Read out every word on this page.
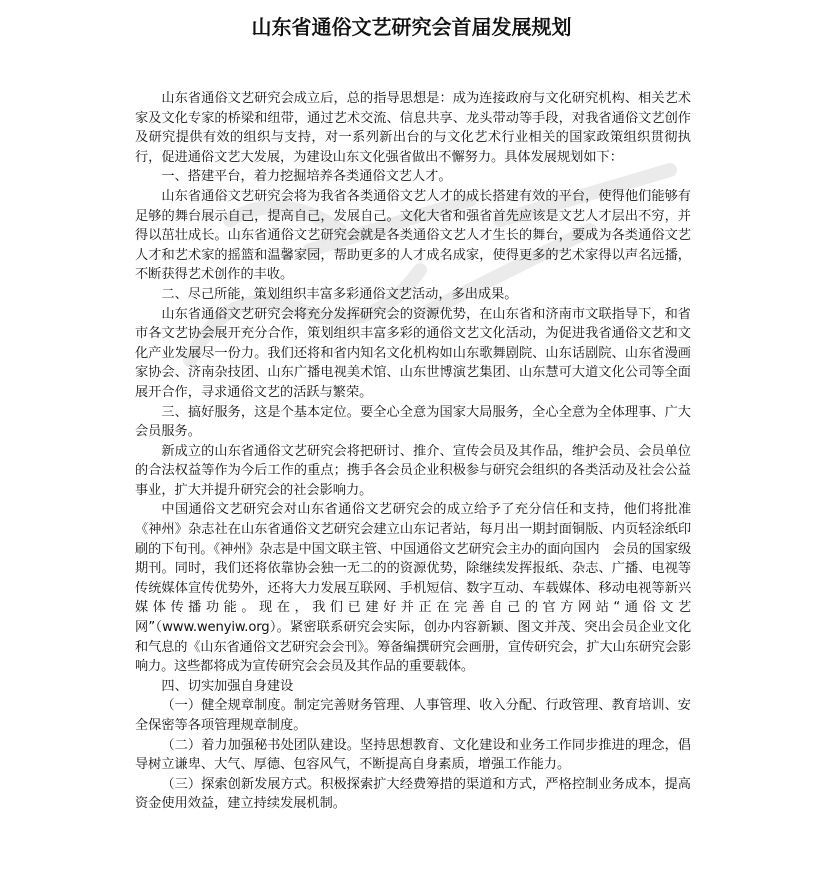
山东省通俗文艺研究会首届发展规划

山东省通俗文艺研究会成立后，总的指导思想是：成为连接政府与文化研究机构、相关艺术家及文化专家的桥梁和纽带，通过艺术交流、信息共享、龙头带动等手段，对我省通俗文艺创作及研究提供有效的组织与支持，对一系列新出台的与文化艺术行业相关的国家政策组织贯彻执行，促进通俗文艺大发展，为建设山东文化强省做出不懈努力。具体发展规划如下：

一、搭建平台，着力挖掘培养各类通俗文艺人才。

山东省通俗文艺研究会将为我省各类通俗文艺人才的成长搭建有效的平台，使得他们能够有足够的舞台展示自己，提高自己，发展自己。文化大省和强省首先应该是文艺人才层出不穷，并得以茁壮成长。山东省通俗文艺研究会就是各类通俗文艺人才生长的舞台，要成为各类通俗文艺人才和艺术家的摇篮和温馨家园，帮助更多的人才成名成家，使得更多的艺术家得以声名远播，不断获得艺术创作的丰收。

二、尽己所能，策划组织丰富多彩通俗文艺活动，多出成果。

山东省通俗文艺研究会将充分发挥研究会的资源优势，在山东省和济南市文联指导下，和省市各文艺协会展开充分合作，策划组织丰富多彩的通俗文艺文化活动，为促进我省通俗文艺和文化产业发展尽一份力。我们还将和省内知名文化机构如山东歌舞剧院、山东话剧院、山东省漫画家协会、济南杂技团、山东广播电视美术馆、山东世博演艺集团、山东慧可大道文化公司等全面展开合作，寻求通俗文艺的活跃与繁荣。

三、搞好服务，这是个基本定位。要全心全意为国家大局服务，全心全意为全体理事、广大会员服务。

新成立的山东省通俗文艺研究会将把研讨、推介、宣传会员及其作品，维护会员、会员单位的合法权益等作为今后工作的重点；携手各会员企业积极参与研究会组织的各类活动及社会公益事业，扩大并提升研究会的社会影响力。

中国通俗文艺研究会对山东省通俗文艺研究会的成立给予了充分信任和支持，他们将批准《神州》杂志社在山东省通俗文艺研究会建立山东记者站，每月出一期封面铜版、内页轻涂纸印刷的下旬刊。《神州》杂志是中国文联主管、中国通俗文艺研究会主办的面向国内　会员的国家级期刊。同时，我们还将依靠协会独一无二的的资源优势，除继续发挥报纸、杂志、广播、电视等传统媒体宣传优势外，还将大力发展互联网、手机短信、数字互动、车载媒体、移动电视等新兴媒体传播功能。现在，我们已建好并正在完善自己的官方网站“通俗文艺网”（www.wenyiw.org）。紧密联系研究会实际，创办内容新颖、图文并茂、突出会员企业文化和气息的《山东省通俗文艺研究会会刊》。筹备编撰研究会画册，宣传研究会，扩大山东研究会影响力。这些都将成为宣传研究会会员及其作品的重要载体。

四、切实加强自身建设

（一）健全规章制度。制定完善财务管理、人事管理、收入分配、行政管理、教育培训、安全保密等各项管理规章制度。

（二）着力加强秘书处团队建设。坚持思想教育、文化建设和业务工作同步推进的理念，倡导树立谦卑、大气、厚德、包容风气，不断提高自身素质，增强工作能力。

（三）探索创新发展方式。积极探索扩大经费筹措的渠道和方式，严格控制业务成本，提高资金使用效益，建立持续发展机制。
